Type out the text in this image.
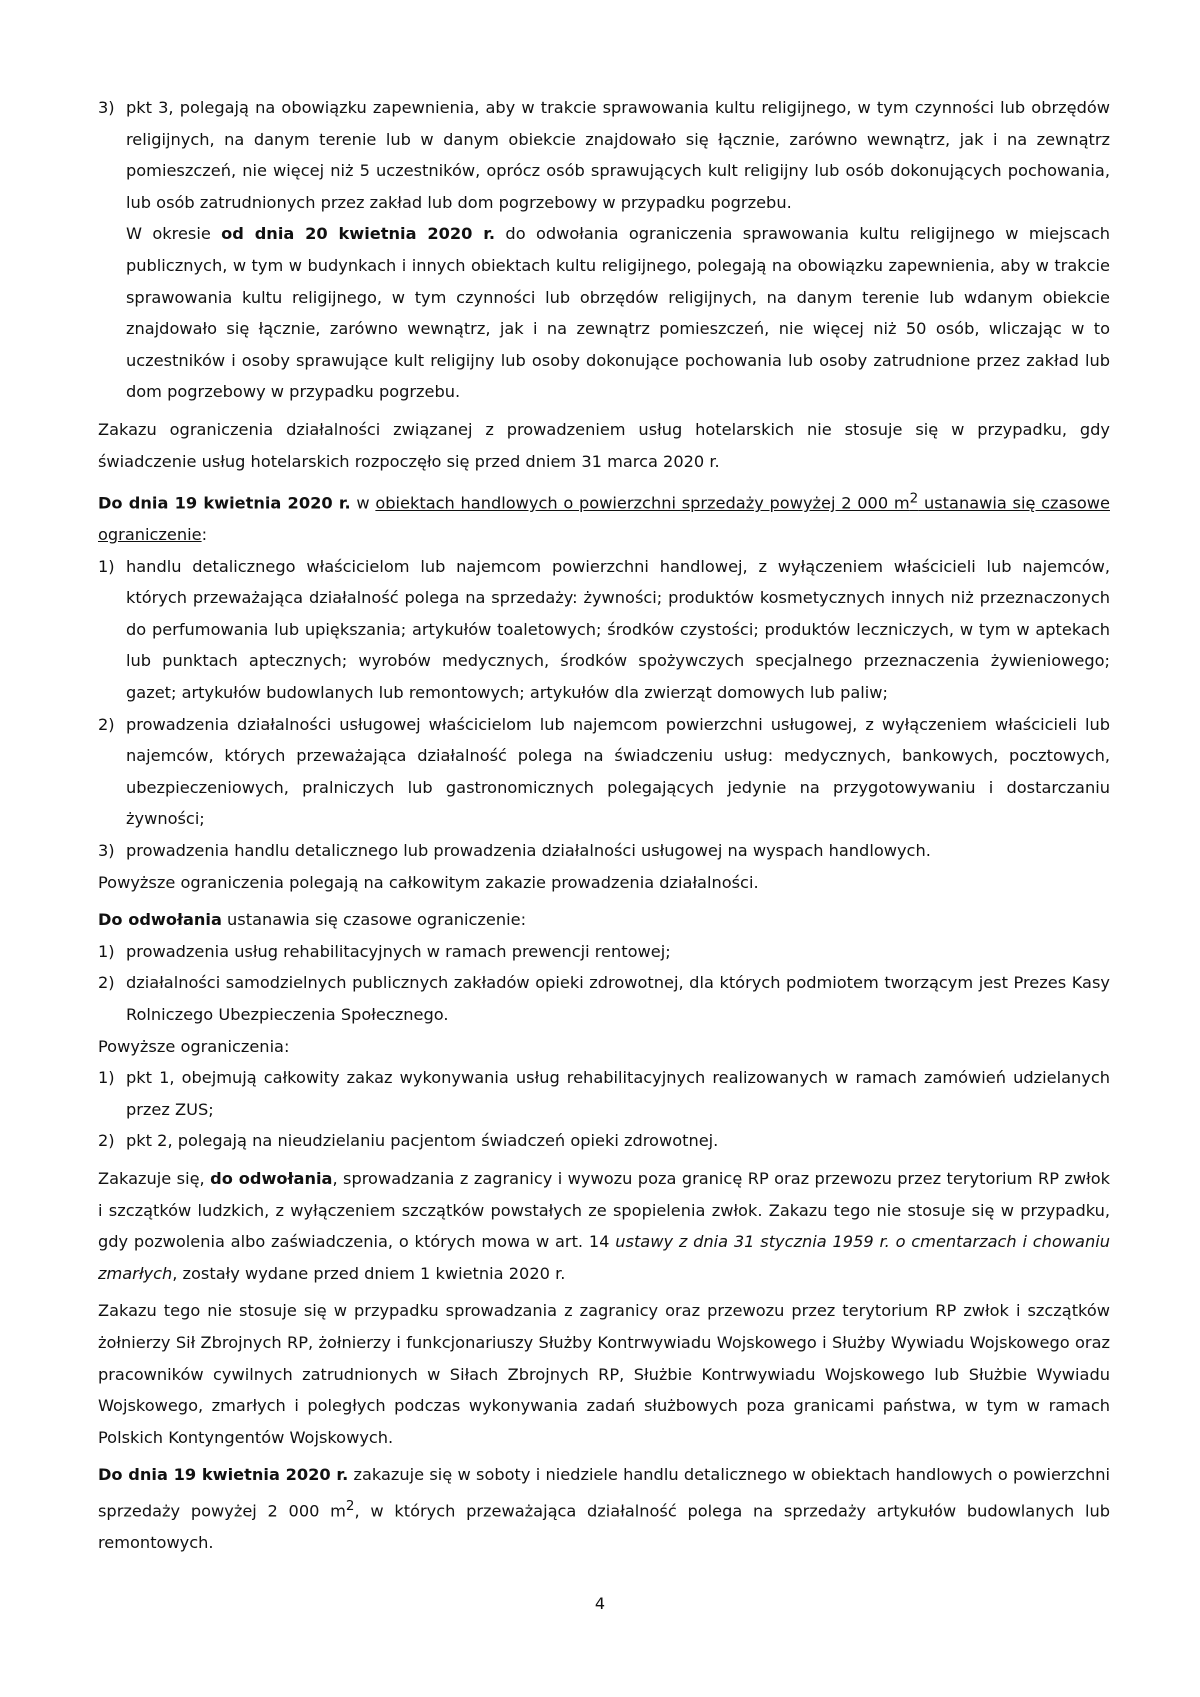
3) pkt 3, polegają na obowiązku zapewnienia, aby w trakcie sprawowania kultu religijnego, w tym czynności lub obrzędów religijnych, na danym terenie lub w danym obiekcie znajdowało się łącznie, zarówno wewnątrz, jak i na zewnątrz pomieszczeń, nie więcej niż 5 uczestników, oprócz osób sprawujących kult religijny lub osób dokonujących pochowania, lub osób zatrudnionych przez zakład lub dom pogrzebowy w przypadku pogrzebu.
W okresie od dnia 20 kwietnia 2020 r. do odwołania ograniczenia sprawowania kultu religijnego w miejscach publicznych, w tym w budynkach i innych obiektach kultu religijnego, polegają na obowiązku zapewnienia, aby w trakcie sprawowania kultu religijnego, w tym czynności lub obrzędów religijnych, na danym terenie lub wdanym obiekcie znajdowało się łącznie, zarówno wewnątrz, jak i na zewnątrz pomieszczeń, nie więcej niż 50 osób, wliczając w to uczestników i osoby sprawujące kult religijny lub osoby dokonujące pochowania lub osoby zatrudnione przez zakład lub dom pogrzebowy w przypadku pogrzebu.

Zakazu ograniczenia działalności związanej z prowadzeniem usług hotelarskich nie stosuje się w przypadku, gdy świadczenie usług hotelarskich rozpoczęło się przed dniem 31 marca 2020 r.

Do dnia 19 kwietnia 2020 r. w obiektach handlowych o powierzchni sprzedaży powyżej 2 000 $m^2$ ustanawia się czasowe ograniczenie:
1) handlu detalicznego właścicielom lub najemcom powierzchni handlowej, z wyłączeniem właścicieli lub najemców, których przeważająca działalność polega na sprzedaży: żywności; produktów kosmetycznych innych niż przeznaczonych do perfumowania lub upiększania; artykułów toaletowych; środków czystości; produktów leczniczych, w tym w aptekach lub punktach aptecznych; wyrobów medycznych, środków spożywczych specjalnego przeznaczenia żywieniowego; gazet; artykułów budowlanych lub remontowych; artykułów dla zwierząt domowych lub paliw;
2) prowadzenia działalności usługowej właścicielom lub najemcom powierzchni usługowej, z wyłączeniem właścicieli lub najemców, których przeważająca działalność polega na świadczeniu usług: medycznych, bankowych, pocztowych, ubezpieczeniowych, pralniczych lub gastronomicznych polegających jedynie na przygotowywaniu i dostarczaniu żywności;
3) prowadzenia handlu detalicznego lub prowadzenia działalności usługowej na wyspach handlowych.
Powyższe ograniczenia polegają na całkowitym zakazie prowadzenia działalności.
Do odwołania ustanawia się czasowe ograniczenie:
1) prowadzenia usług rehabilitacyjnych w ramach prewencji rentowej;
2) działalności samodzielnych publicznych zakładów opieki zdrowotnej, dla których podmiotem tworzącym jest Prezes Kasy Rolniczego Ubezpieczenia Społecznego.
Powyższe ograniczenia:
1) pkt 1, obejmują całkowity zakaz wykonywania usług rehabilitacyjnych realizowanych w ramach zamówień udzielanych przez ZUS;
2) pkt 2, polegają na nieudzielaniu pacjentom świadczeń opieki zdrowotnej.

Zakazuje się, do odwołania, sprowadzania z zagranicy i wywozu poza granicę RP oraz przewozu przez terytorium RP zwłok i szczątków ludzkich, z wyłączeniem szczątków powstałych ze spopielenia zwłok. Zakazu tego nie stosuje się w przypadku, gdy pozwolenia albo zaświadczenia, o których mowa w art. 14 ustawy z dnia 31 stycznia 1959 r. o cmentarzach i chowaniu zmarłych, zostały wydane przed dniem 1 kwietnia 2020 r.

Zakazu tego nie stosuje się w przypadku sprowadzania z zagranicy oraz przewozu przez terytorium RP zwłok i szczątków żołnierzy Sił Zbrojnych RP, żołnierzy i funkcjonariuszy Służby Kontrwywiadu Wojskowego i Służby Wywiadu Wojskowego oraz pracowników cywilnych zatrudnionych w Siłach Zbrojnych RP, Służbie Kontrwywiadu Wojskowego lub Służbie Wywiadu Wojskowego, zmarłych i poległych podczas wykonywania zadań służbowych poza granicami państwa, w tym w ramach Polskich Kontyngentów Wojskowych.

Do dnia 19 kwietnia 2020 r. zakazuje się w soboty i niedziele handlu detalicznego w obiektach handlowych o powierzchni sprzedaży powyżej 2 000 $m^2$, w których przeważająca działalność polega na sprzedaży artykułów budowlanych lub remontowych.

4
